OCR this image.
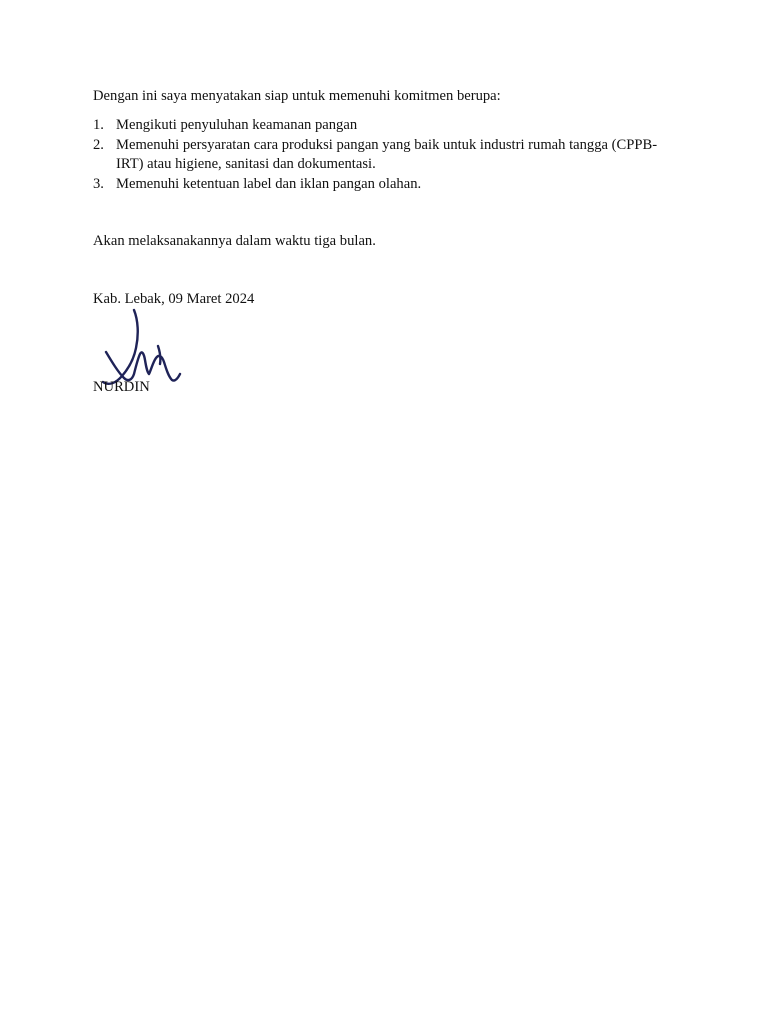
Dengan ini saya menyatakan siap untuk memenuhi komitmen berupa:
1. Mengikuti penyuluhan keamanan pangan
2. Memenuhi persyaratan cara produksi pangan yang baik untuk industri rumah tangga (CPPB-IRT) atau higiene, sanitasi dan dokumentasi.
3. Memenuhi ketentuan label dan iklan pangan olahan.
Akan melaksanakannya dalam waktu tiga bulan.
Kab. Lebak, 09 Maret 2024
NURDIN
